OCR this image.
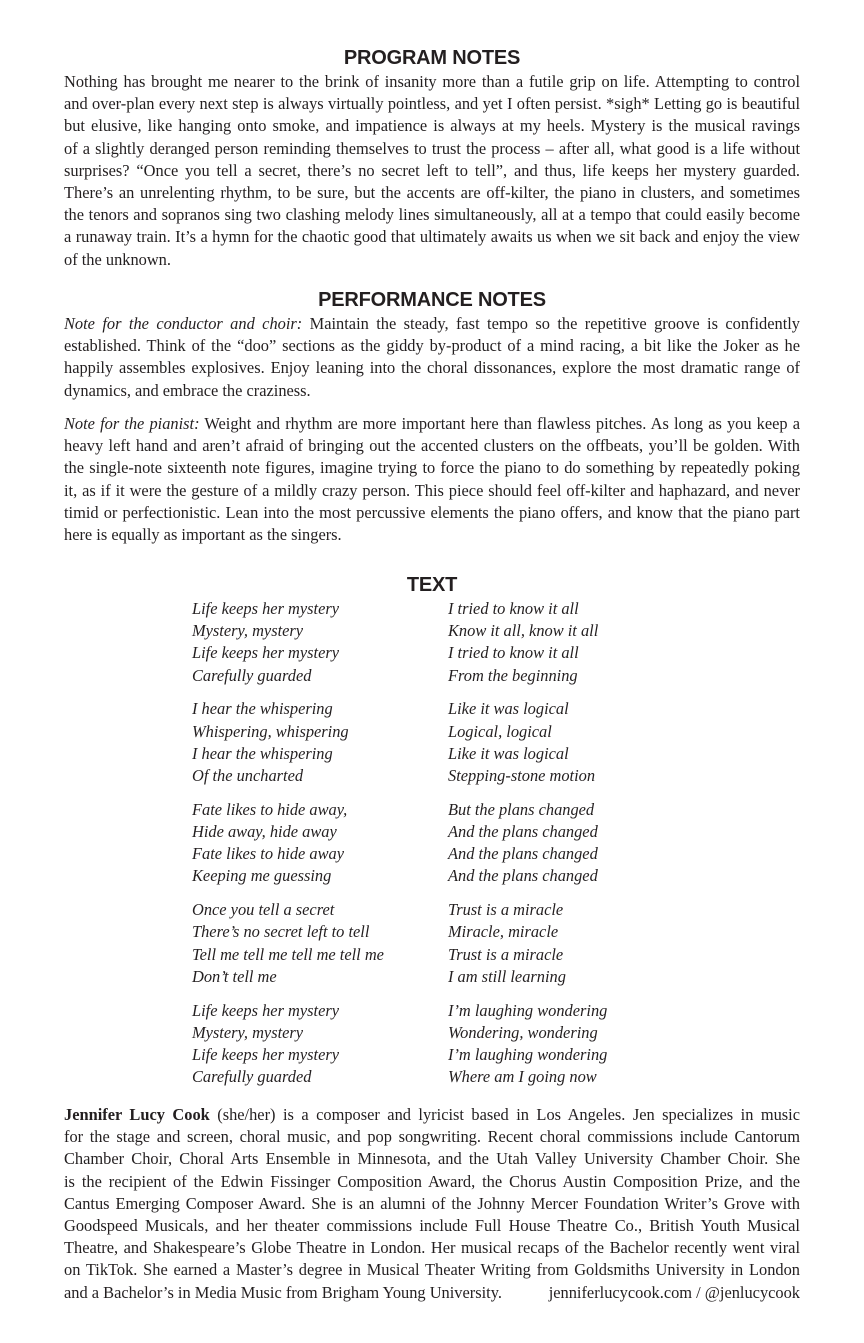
PROGRAM NOTES
Nothing has brought me nearer to the brink of insanity more than a futile grip on life. Attempting to control
and over-plan every next step is always virtually pointless, and yet I often persist. *sigh* Letting go is beautiful
but elusive, like hanging onto smoke, and impatience is always at my heels. Mystery is the musical ravings
of a slightly deranged person reminding themselves to trust the process – after all, what good is a life without
surprises? “Once you tell a secret, there’s no secret left to tell”, and thus, life keeps her mystery guarded.
There’s an unrelenting rhythm, to be sure, but the accents are off-kilter, the piano in clusters, and sometimes
the tenors and sopranos sing two clashing melody lines simultaneously, all at a tempo that could easily become
a runaway train. It’s a hymn for the chaotic good that ultimately awaits us when we sit back and enjoy the view
of the unknown.
PERFORMANCE NOTES
Note for the conductor and choir: Maintain the steady, fast tempo so the repetitive groove is confidently
established. Think of the “doo” sections as the giddy by-product of a mind racing, a bit like the Joker as he
happily assembles explosives. Enjoy leaning into the choral dissonances, explore the most dramatic range of
dynamics, and embrace the craziness.
Note for the pianist: Weight and rhythm are more important here than flawless pitches. As long as you keep a
heavy left hand and aren’t afraid of bringing out the accented clusters on the offbeats, you’ll be golden. With
the single-note sixteenth note figures, imagine trying to force the piano to do something by repeatedly poking
it, as if it were the gesture of a mildly crazy person. This piece should feel off-kilter and haphazard, and never
timid or perfectionistic. Lean into the most percussive elements the piano offers, and know that the piano part
here is equally as important as the singers.
TEXT
Jennifer Lucy Cook (she/her) is a composer and lyricist based in Los Angeles. Jen specializes in music
for the stage and screen, choral music, and pop songwriting. Recent choral commissions include Cantorum
Chamber Choir, Choral Arts Ensemble in Minnesota, and the Utah Valley University Chamber Choir. She
is the recipient of the Edwin Fissinger Composition Award, the Chorus Austin Composition Prize, and the
Cantus Emerging Composer Award. She is an alumni of the Johnny Mercer Foundation Writer’s Grove with
Goodspeed Musicals, and her theater commissions include Full House Theatre Co., British Youth Musical
Theatre, and Shakespeare’s Globe Theatre in London. Her musical recaps of the Bachelor recently went viral
on TikTok. She earned a Master’s degree in Musical Theater Writing from Goldsmiths University in London
and a Bachelor’s in Media Music from Brigham Young University.	jenniferlucycook.com / @jenlucycook
Life keeps her mystery
Mystery, mystery
Life keeps her mystery
Carefully guarded
I hear the whispering
Whispering, whispering
I hear the whispering
Of the uncharted
Fate likes to hide away,
Hide away, hide away
Fate likes to hide away
Keeping me guessing
Once you tell a secret
There’s no secret left to tell
Tell me tell me tell me tell me
Don’t tell me
Life keeps her mystery
Mystery, mystery
Life keeps her mystery
Carefully guarded
I tried to know it all
Know it all, know it all
I tried to know it all
From the beginning
Like it was logical
Logical, logical
Like it was logical
Stepping-stone motion
But the plans changed
And the plans changed
And the plans changed
And the plans changed
Trust is a miracle
Miracle, miracle
Trust is a miracle
I am still learning
I’m laughing wondering
Wondering, wondering
I’m laughing wondering
Where am I going now
